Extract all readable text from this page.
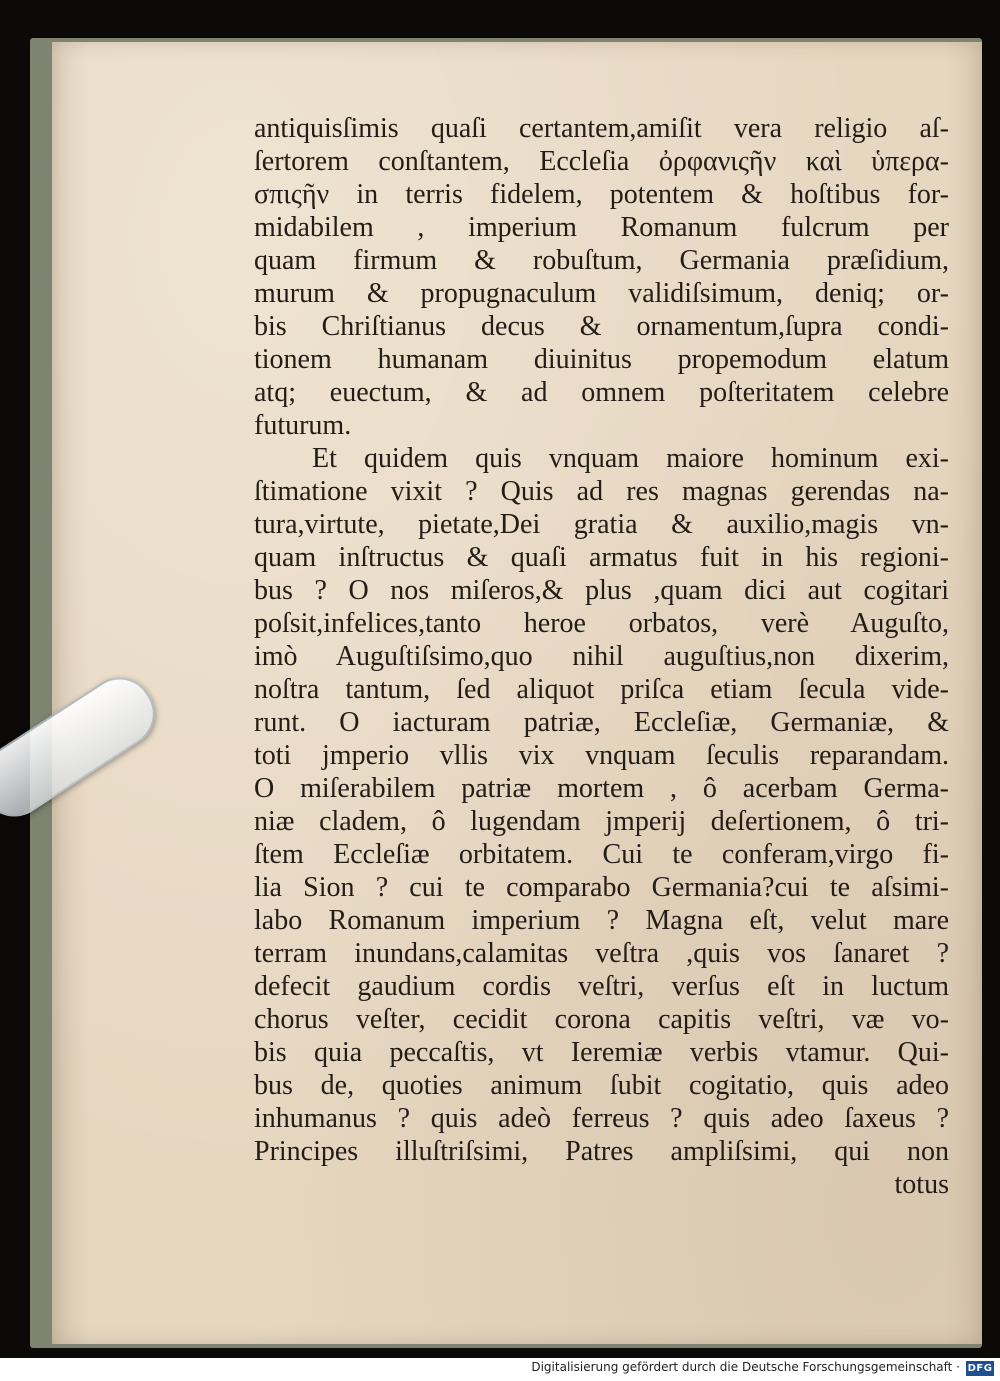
antiquisſimis quaſi certantem,amiſit vera religio aſ-
ſertorem conſtantem, Eccleſia ὀρφανιςῆν καὶ ὑπερα-
σπιςῆν in terris fidelem, potentem & hoſtibus for-
midabilem , imperium Romanum fulcrum per
quam firmum & robuſtum, Germania præſidium,
murum & propugnaculum validiſsimum, deniq; or-
bis Chriſtianus decus & ornamentum,ſupra condi-
tionem humanam diuinitus propemodum elatum
atq; euectum, & ad omnem poſteritatem celebre
futurum.
Et quidem quis vnquam maiore hominum exi-
ſtimatione vixit ? Quis ad res magnas gerendas na-
tura,virtute, pietate,Dei gratia & auxilio,magis vn-
quam inſtructus & quaſi armatus fuit in his regioni-
bus ? O nos miſeros,& plus ,quam dici aut cogitari
poſsit,infelices,tanto heroe orbatos, verè Auguſto,
imò Auguſtiſsimo,quo nihil auguſtius,non dixerim,
noſtra tantum, ſed aliquot priſca etiam ſecula vide-
runt. O iacturam patriæ, Eccleſiæ, Germaniæ, &
toti jmperio vllis vix vnquam ſeculis reparandam.
O miſerabilem patriæ mortem , ô acerbam Germa-
niæ cladem, ô lugendam jmperij deſertionem, ô tri-
ſtem Eccleſiæ orbitatem. Cui te conferam,virgo fi-
lia Sion ? cui te comparabo Germania?cui te aſsimi-
labo Romanum imperium ? Magna eſt, velut mare
terram inundans,calamitas veſtra ,quis vos ſanaret ?
defecit gaudium cordis veſtri, verſus eſt in luctum
chorus veſter, cecidit corona capitis veſtri, væ vo-
bis quia peccaſtis, vt Ieremiæ verbis vtamur. Qui-
bus de, quoties animum ſubit cogitatio, quis adeo
inhumanus ? quis adeò ferreus ? quis adeo ſaxeus ?
Principes illuſtriſsimi, Patres ampliſsimi, qui non
totus
Digitalisierung gefördert durch die Deutsche Forschungsgemeinschaft · DFG
